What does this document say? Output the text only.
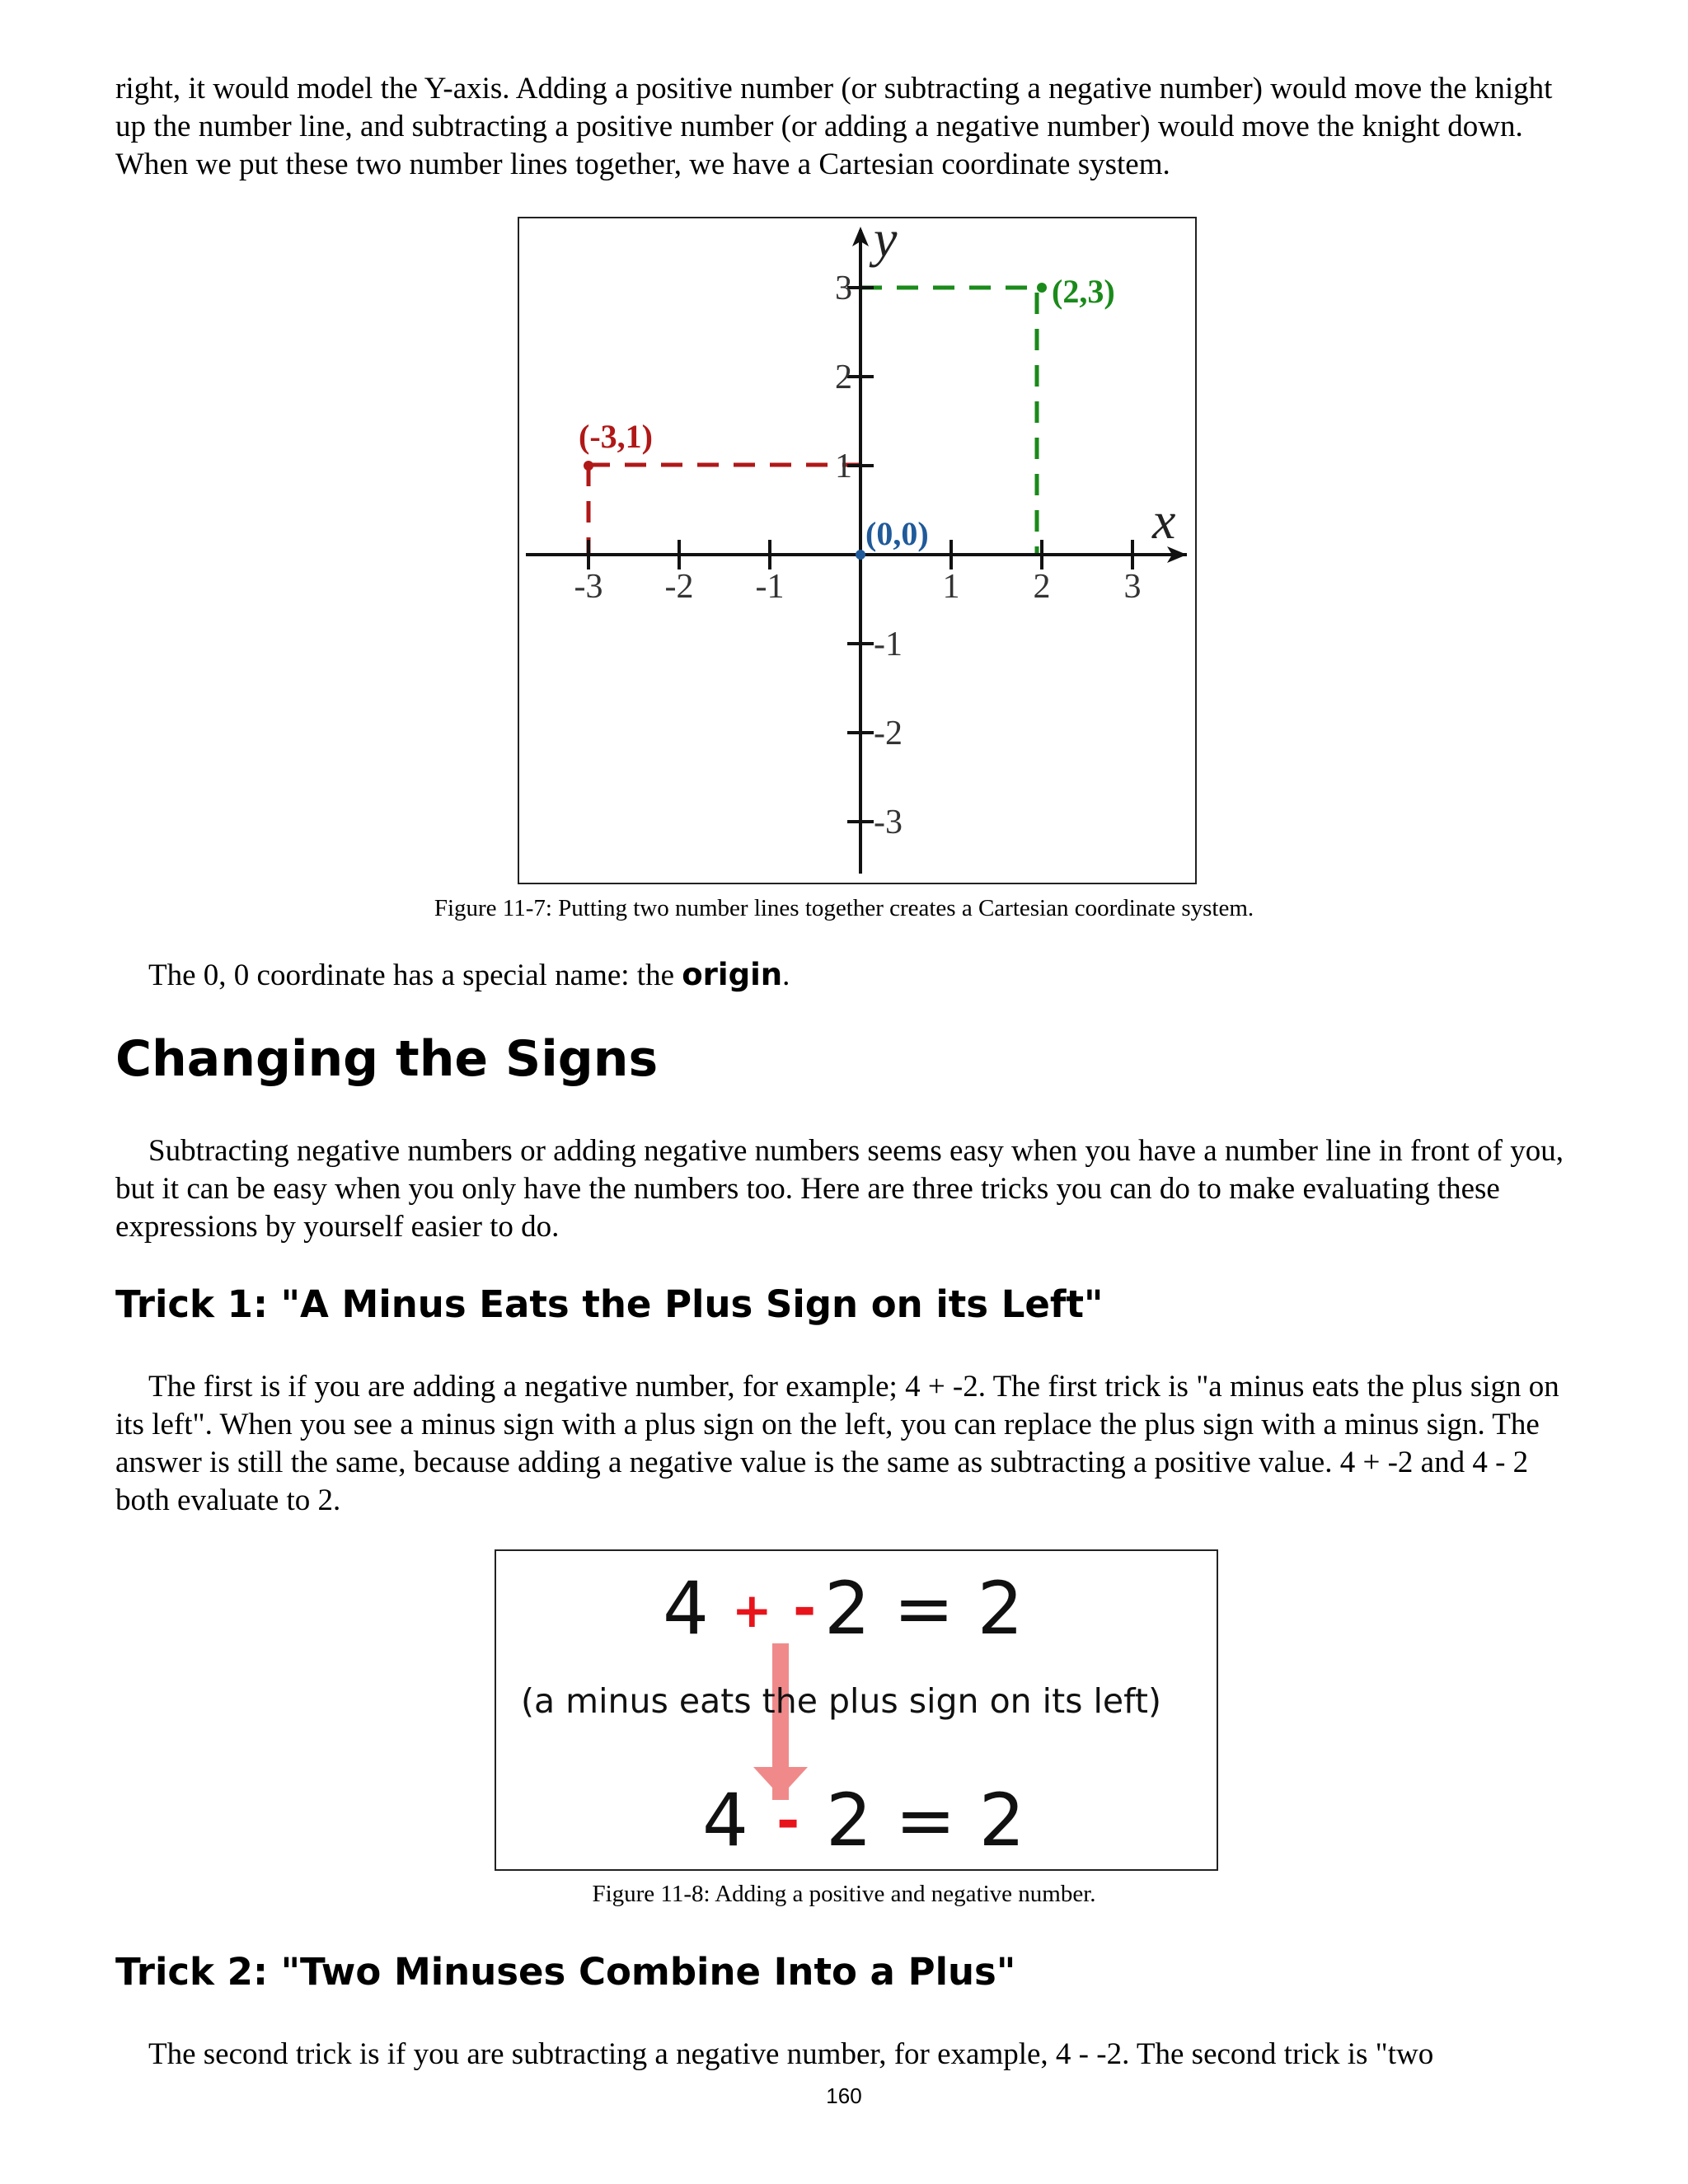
right, it would model the Y-axis. Adding a positive number (or subtracting a negative number) would move the knight up the number line, and subtracting a positive number (or adding a negative number) would move the knight down. When we put these two number lines together, we have a Cartesian coordinate system.

-3 -2 -1	1 2 3
3
2
1
-1
-2
-3
(2,3)
(-3,1)
(0,0)	x
y

Figure 11-7: Putting two number lines together creates a Cartesian coordinate system.

The 0, 0 coordinate has a special name: the origin.

Changing the Signs

Subtracting negative numbers or adding negative numbers seems easy when you have a number line in front of you, but it can be easy when you only have the numbers too. Here are three tricks you can do to make evaluating these expressions by yourself easier to do.

Trick 1: "A Minus Eats the Plus Sign on its Left"

The first is if you are adding a negative number, for example; 4 + -2. The first trick is "a minus eats the plus sign on its left". When you see a minus sign with a plus sign on the left, you can replace the plus sign with a minus sign. The answer is still the same, because adding a negative value is the same as subtracting a positive value. 4 + -2 and 4 - 2 both evaluate to 2.

4 + - 2 = 2
(a minus eats the plus sign on its left)
4 - 2 = 2

Figure 11-8: Adding a positive and negative number.

Trick 2: "Two Minuses Combine Into a Plus"

The second trick is if you are subtracting a negative number, for example, 4 - -2. The second trick is "two

160
